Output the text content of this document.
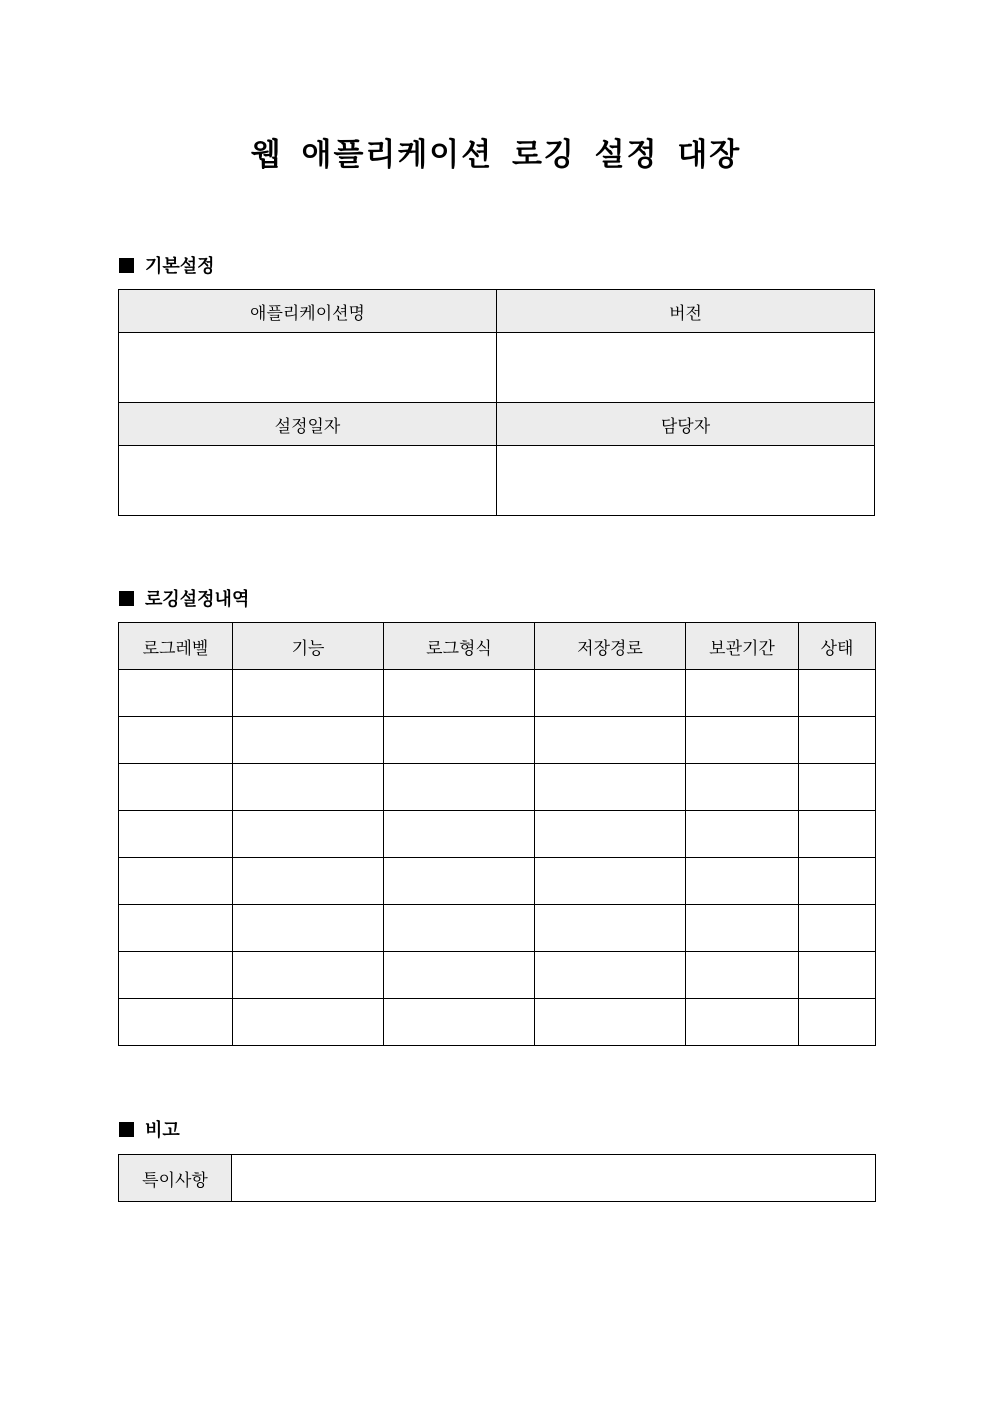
웹 애플리케이션 로깅 설정 대장
기본설정
애플리케이션명	버전

설정일자	담당자

로깅설정내역
로그레벨	기능	로그형식	저장경로	보관기간	상태

비고
특이사항	
